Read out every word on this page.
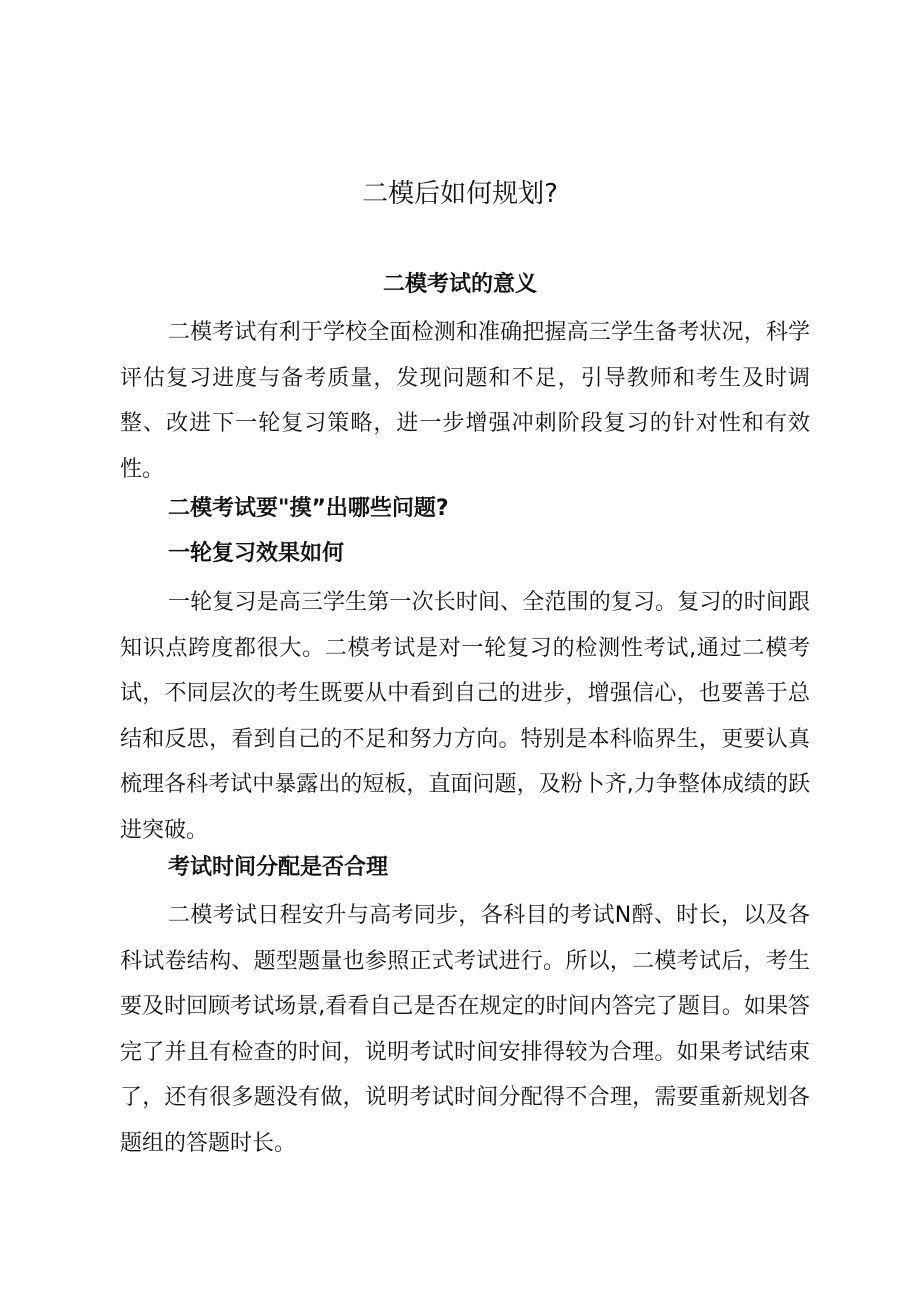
二模后如何规划?
二模考试的意义

二模考试有利于学校全面检测和准确把握高三学生备考状况，科学评估复习进度与备考质量，发现问题和不足，引导教师和考生及时调整、改进下一轮复习策略，进一步增强冲刺阶段复习的针对性和有效性。

二模考试要"摸”出哪些问题?
一轮复习效果如何

一轮复习是高三学生第一次长时间、全范围的复习。复习的时间跟知识点跨度都很大。二模考试是对一轮复习的检测性考试,通过二模考试，不同层次的考生既要从中看到自己的进步，增强信心，也要善于总结和反思，看到自己的不足和努力方向。特别是本科临界生，更要认真梳理各科考试中暴露出的短板，直面问题，及粉卜齐,力争整体成绩的跃进突破。

考试时间分配是否合理

二模考试日程安升与高考同步，各科目的考试N酹、时长，以及各科试卷结构、题型题量也参照正式考试进行。所以，二模考试后，考生要及时回顾考试场景,看看自己是否在规定的时间内答完了题目。如果答完了并且有检查的时间，说明考试时间安排得较为合理。如果考试结束了，还有很多题没有做，说明考试时间分配得不合理，需要重新规划各题组的答题时长。
